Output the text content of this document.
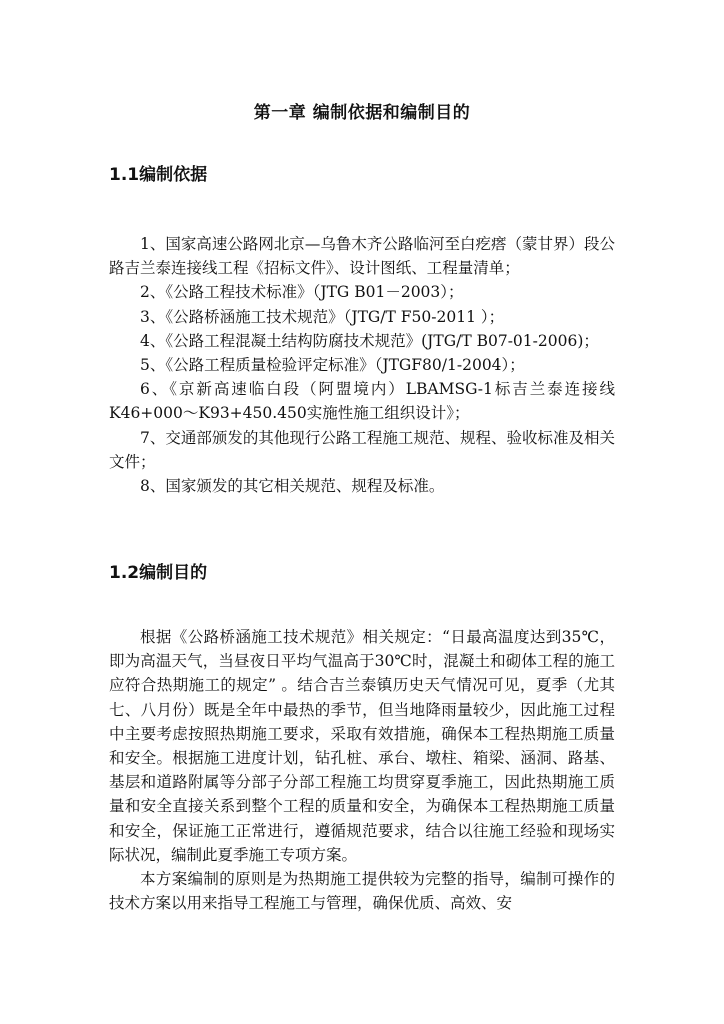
第一章 编制依据和编制目的
1.1编制依据

1、国家高速公路网北京—乌鲁木齐公路临河至白疙瘩（蒙甘界）段公路吉兰泰连接线工程《招标文件》、设计图纸、工程量清单；

2、《公路工程技术标准》（JTG B01－2003）；

3、《公路桥涵施工技术规范》（JTG/T F50-2011 ）；

4、《公路工程混凝土结构防腐技术规范》(JTG/T B07-01-2006)；

5、《公路工程质量检验评定标准》（JTGF80/1-2004）；

6、《京新高速临白段（阿盟境内）LBAMSG-1标吉兰泰连接线K46+000～K93+450.450实施性施工组织设计》；

7、交通部颁发的其他现行公路工程施工规范、规程、验收标准及相关文件；

8、国家颁发的其它相关规范、规程及标准。

1.2编制目的

根据《公路桥涵施工技术规范》相关规定：“日最高温度达到35℃，即为高温天气，当昼夜日平均气温高于30℃时，混凝土和砌体工程的施工应符合热期施工的规定” 。结合吉兰泰镇历史天气情况可见，夏季（尤其七、八月份）既是全年中最热的季节，但当地降雨量较少，因此施工过程中主要考虑按照热期施工要求，采取有效措施，确保本工程热期施工质量和安全。根据施工进度计划，钻孔桩、承台、墩柱、箱梁、涵洞、路基、基层和道路附属等分部子分部工程施工均贯穿夏季施工，因此热期施工质量和安全直接关系到整个工程的质量和安全，为确保本工程热期施工质量和安全，保证施工正常进行，遵循规范要求，结合以往施工经验和现场实际状况，编制此夏季施工专项方案。

本方案编制的原则是为热期施工提供较为完整的指导，编制可操作的技术方案以用来指导工程施工与管理，确保优质、高效、安
